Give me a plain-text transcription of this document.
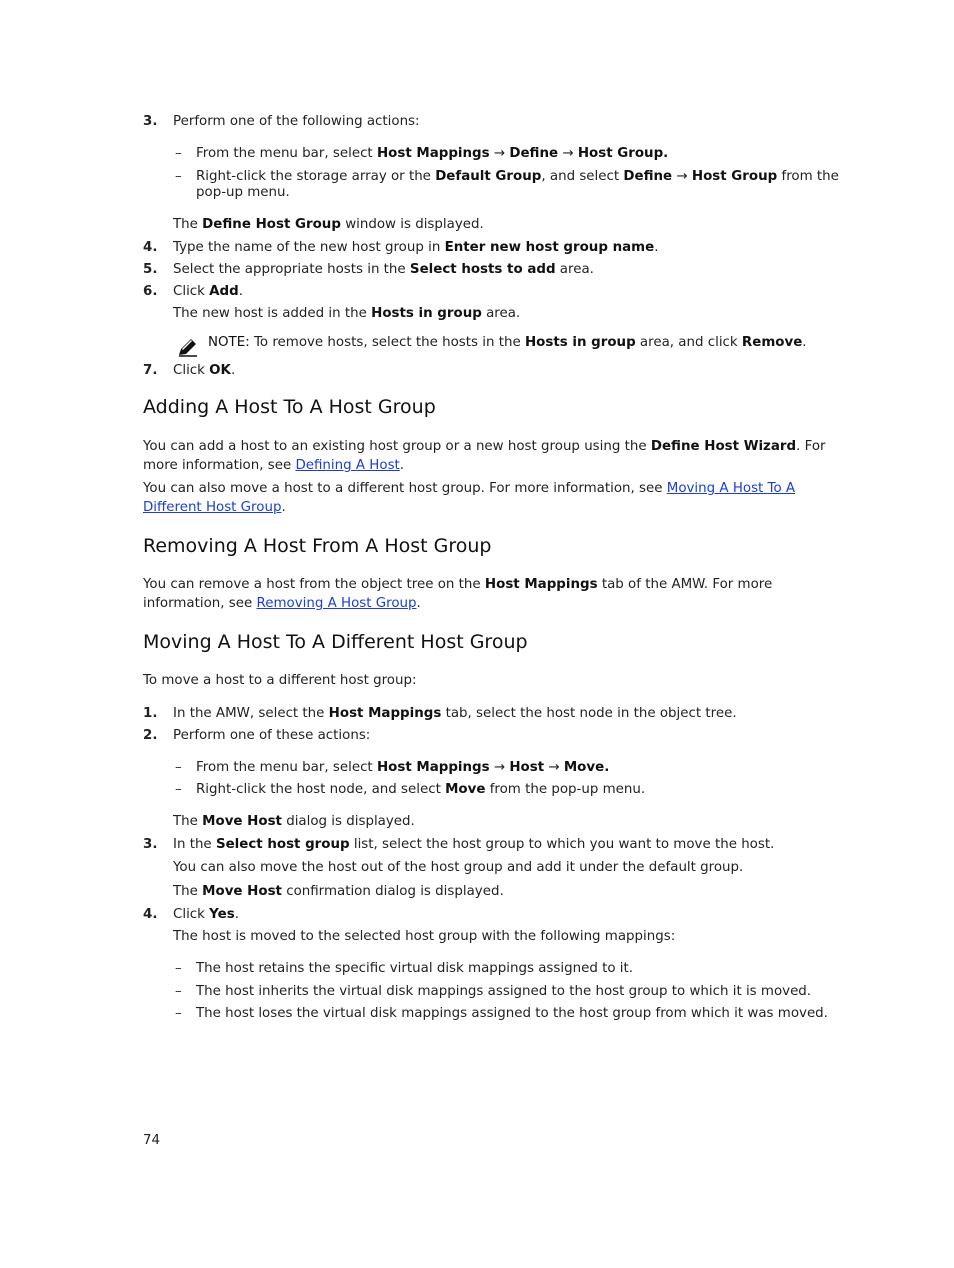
3. Perform one of the following actions:
– From the menu bar, select Host Mappings → Define → Host Group.
– Right-click the storage array or the Default Group, and select Define → Host Group from the
pop-up menu.
The Define Host Group window is displayed.
4. Type the name of the new host group in Enter new host group name.
5. Select the appropriate hosts in the Select hosts to add area.
6. Click Add.
The new host is added in the Hosts in group area.
NOTE: To remove hosts, select the hosts in the Hosts in group area, and click Remove.
7. Click OK.
Adding A Host To A Host Group
You can add a host to an existing host group or a new host group using the Define Host Wizard. For
more information, see Defining A Host.
You can also move a host to a different host group. For more information, see Moving A Host To A
Different Host Group.
Removing A Host From A Host Group
You can remove a host from the object tree on the Host Mappings tab of the AMW. For more
information, see Removing A Host Group.
Moving A Host To A Different Host Group
To move a host to a different host group:
1. In the AMW, select the Host Mappings tab, select the host node in the object tree.
2. Perform one of these actions:
– From the menu bar, select Host Mappings → Host → Move.
– Right-click the host node, and select Move from the pop-up menu.
The Move Host dialog is displayed.
3. In the Select host group list, select the host group to which you want to move the host.
You can also move the host out of the host group and add it under the default group.
The Move Host confirmation dialog is displayed.
4. Click Yes.
The host is moved to the selected host group with the following mappings:
– The host retains the specific virtual disk mappings assigned to it.
– The host inherits the virtual disk mappings assigned to the host group to which it is moved.
– The host loses the virtual disk mappings assigned to the host group from which it was moved.
74
